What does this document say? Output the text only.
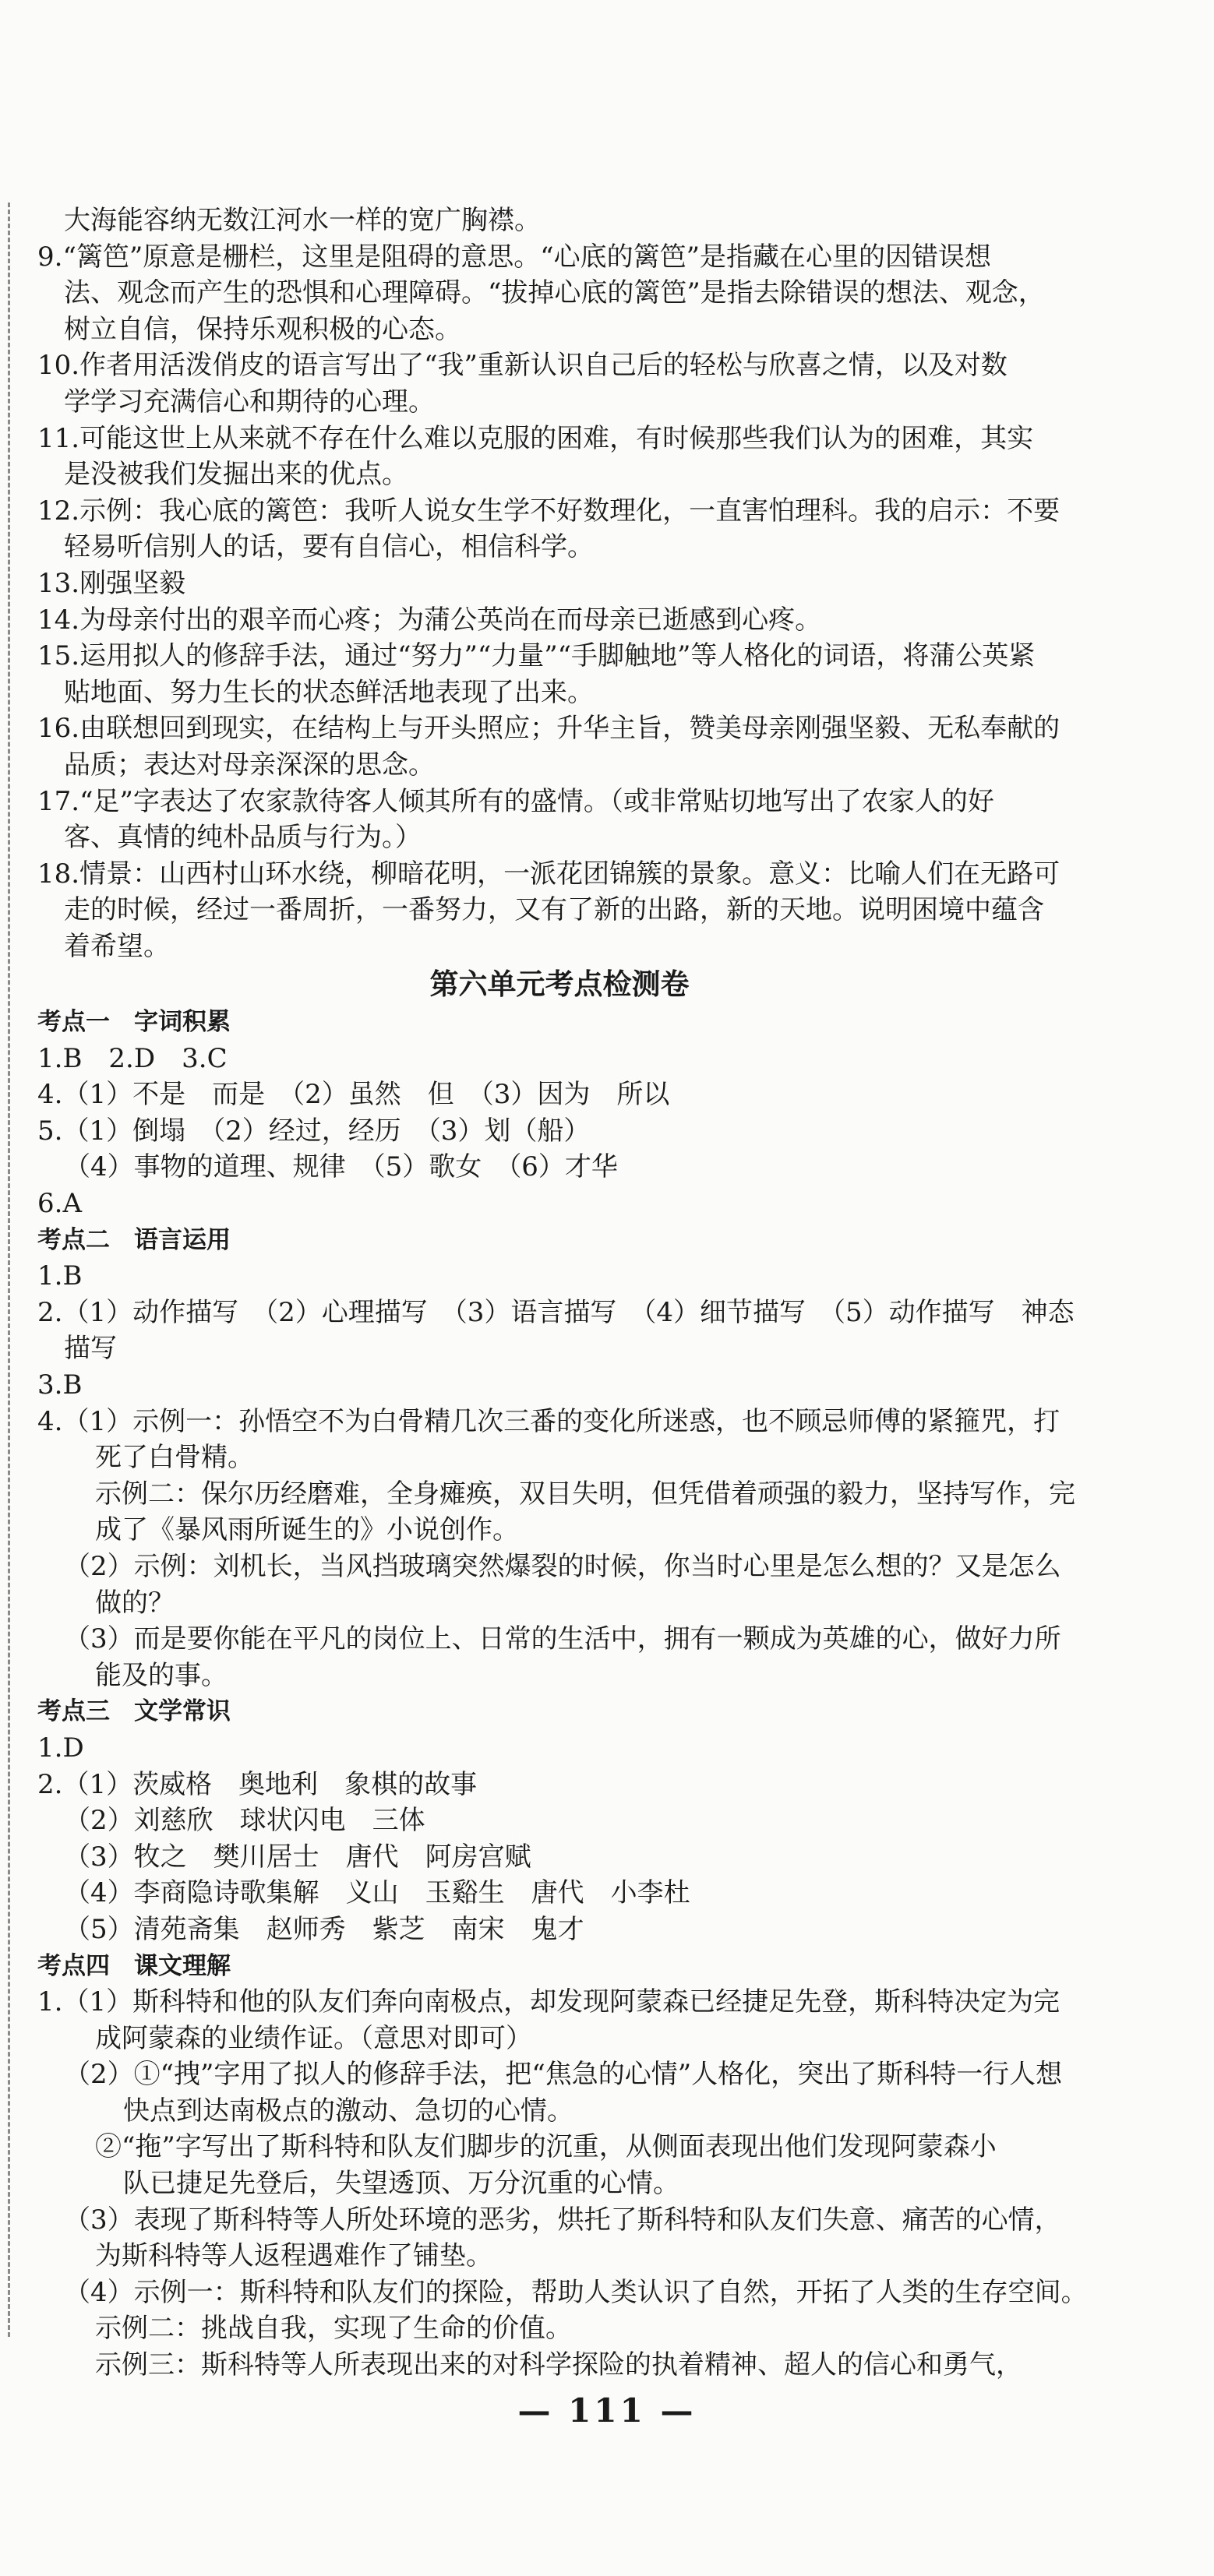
大海能容纳无数江河水一样的宽广胸襟。
9.“篱笆”原意是栅栏，这里是阻碍的意思。“心底的篱笆”是指藏在心里的因错误想
法、观念而产生的恐惧和心理障碍。“拔掉心底的篱笆”是指去除错误的想法、观念，
树立自信，保持乐观积极的心态。
10.作者用活泼俏皮的语言写出了“我”重新认识自己后的轻松与欣喜之情，以及对数
学学习充满信心和期待的心理。
11.可能这世上从来就不存在什么难以克服的困难，有时候那些我们认为的困难，其实
是没被我们发掘出来的优点。
12.示例：我心底的篱笆：我听人说女生学不好数理化，一直害怕理科。我的启示：不要
轻易听信别人的话，要有自信心，相信科学。
13.刚强坚毅
14.为母亲付出的艰辛而心疼；为蒲公英尚在而母亲已逝感到心疼。
15.运用拟人的修辞手法，通过“努力”“力量”“手脚触地”等人格化的词语，将蒲公英紧
贴地面、努力生长的状态鲜活地表现了出来。
16.由联想回到现实，在结构上与开头照应；升华主旨，赞美母亲刚强坚毅、无私奉献的
品质；表达对母亲深深的思念。
17.“足”字表达了农家款待客人倾其所有的盛情。（或非常贴切地写出了农家人的好
客、真情的纯朴品质与行为。）
18.情景：山西村山环水绕，柳暗花明，一派花团锦簇的景象。意义：比喻人们在无路可
走的时候，经过一番周折，一番努力，又有了新的出路，新的天地。说明困境中蕴含
着希望。
第六单元考点检测卷
考点一　字词积累
1.B　2.D　3.C
4.（1）不是　而是　（2）虽然　但　（3）因为　所以
5.（1）倒塌　（2）经过，经历　（3）划（船）
（4）事物的道理、规律　（5）歌女　（6）才华
6.A
考点二　语言运用
1.B
2.（1）动作描写　（2）心理描写　（3）语言描写　（4）细节描写　（5）动作描写　神态
描写
3.B
4.（1）示例一：孙悟空不为白骨精几次三番的变化所迷惑，也不顾忌师傅的紧箍咒，打
死了白骨精。
示例二：保尔历经磨难，全身瘫痪，双目失明，但凭借着顽强的毅力，坚持写作，完
成了《暴风雨所诞生的》小说创作。
（2）示例：刘机长，当风挡玻璃突然爆裂的时候，你当时心里是怎么想的？又是怎么
做的？
（3）而是要你能在平凡的岗位上、日常的生活中，拥有一颗成为英雄的心，做好力所
能及的事。
考点三　文学常识
1.D
2.（1）茨威格　奥地利　象棋的故事
（2）刘慈欣　球状闪电　三体
（3）牧之　樊川居士　唐代　阿房宫赋
（4）李商隐诗歌集解　义山　玉谿生　唐代　小李杜
（5）清苑斋集　赵师秀　紫芝　南宋　鬼才
考点四　课文理解
1.（1）斯科特和他的队友们奔向南极点，却发现阿蒙森已经捷足先登，斯科特决定为完
成阿蒙森的业绩作证。（意思对即可）
（2）①“拽”字用了拟人的修辞手法，把“焦急的心情”人格化，突出了斯科特一行人想
快点到达南极点的激动、急切的心情。
②“拖”字写出了斯科特和队友们脚步的沉重，从侧面表现出他们发现阿蒙森小
队已捷足先登后，失望透顶、万分沉重的心情。
（3）表现了斯科特等人所处环境的恶劣，烘托了斯科特和队友们失意、痛苦的心情，
为斯科特等人返程遇难作了铺垫。
（4）示例一：斯科特和队友们的探险，帮助人类认识了自然，开拓了人类的生存空间。
示例二：挑战自我，实现了生命的价值。
示例三：斯科特等人所表现出来的对科学探险的执着精神、超人的信心和勇气，
— 111 —
